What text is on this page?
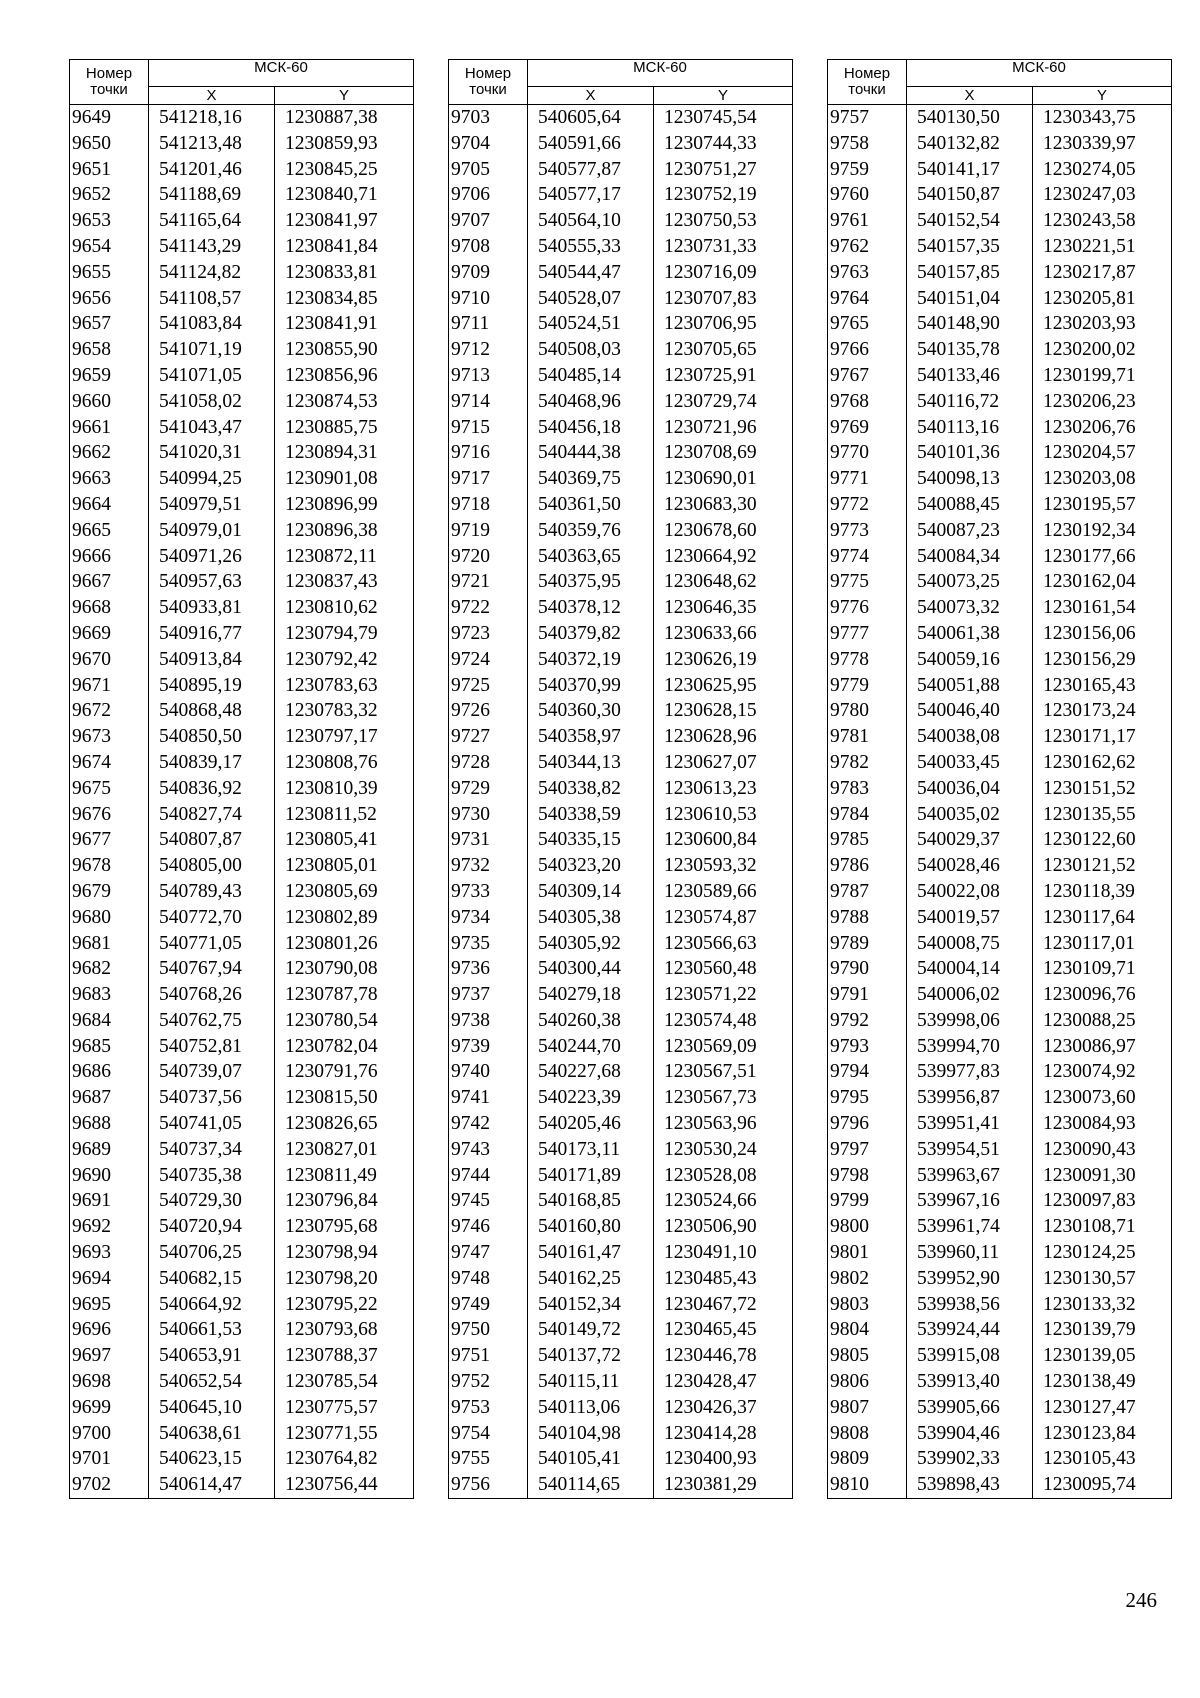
Номер точки	МСК-60	
	X	Y
9649	541218,16	1230887,38
9650	541213,48	1230859,93
9651	541201,46	1230845,25
9652	541188,69	1230840,71
9653	541165,64	1230841,97
9654	541143,29	1230841,84
9655	541124,82	1230833,81
9656	541108,57	1230834,85
9657	541083,84	1230841,91
9658	541071,19	1230855,90
9659	541071,05	1230856,96
9660	541058,02	1230874,53
9661	541043,47	1230885,75
9662	541020,31	1230894,31
9663	540994,25	1230901,08
9664	540979,51	1230896,99
9665	540979,01	1230896,38
9666	540971,26	1230872,11
9667	540957,63	1230837,43
9668	540933,81	1230810,62
9669	540916,77	1230794,79
9670	540913,84	1230792,42
9671	540895,19	1230783,63
9672	540868,48	1230783,32
9673	540850,50	1230797,17
9674	540839,17	1230808,76
9675	540836,92	1230810,39
9676	540827,74	1230811,52
9677	540807,87	1230805,41
9678	540805,00	1230805,01
9679	540789,43	1230805,69
9680	540772,70	1230802,89
9681	540771,05	1230801,26
9682	540767,94	1230790,08
9683	540768,26	1230787,78
9684	540762,75	1230780,54
9685	540752,81	1230782,04
9686	540739,07	1230791,76
9687	540737,56	1230815,50
9688	540741,05	1230826,65
9689	540737,34	1230827,01
9690	540735,38	1230811,49
9691	540729,30	1230796,84
9692	540720,94	1230795,68
9693	540706,25	1230798,94
9694	540682,15	1230798,20
9695	540664,92	1230795,22
9696	540661,53	1230793,68
9697	540653,91	1230788,37
9698	540652,54	1230785,54
9699	540645,10	1230775,57
9700	540638,61	1230771,55
9701	540623,15	1230764,82
9702	540614,47	1230756,44
Номер точки	МСК-60	
	X	Y
9703	540605,64	1230745,54
9704	540591,66	1230744,33
9705	540577,87	1230751,27
9706	540577,17	1230752,19
9707	540564,10	1230750,53
9708	540555,33	1230731,33
9709	540544,47	1230716,09
9710	540528,07	1230707,83
9711	540524,51	1230706,95
9712	540508,03	1230705,65
9713	540485,14	1230725,91
9714	540468,96	1230729,74
9715	540456,18	1230721,96
9716	540444,38	1230708,69
9717	540369,75	1230690,01
9718	540361,50	1230683,30
9719	540359,76	1230678,60
9720	540363,65	1230664,92
9721	540375,95	1230648,62
9722	540378,12	1230646,35
9723	540379,82	1230633,66
9724	540372,19	1230626,19
9725	540370,99	1230625,95
9726	540360,30	1230628,15
9727	540358,97	1230628,96
9728	540344,13	1230627,07
9729	540338,82	1230613,23
9730	540338,59	1230610,53
9731	540335,15	1230600,84
9732	540323,20	1230593,32
9733	540309,14	1230589,66
9734	540305,38	1230574,87
9735	540305,92	1230566,63
9736	540300,44	1230560,48
9737	540279,18	1230571,22
9738	540260,38	1230574,48
9739	540244,70	1230569,09
9740	540227,68	1230567,51
9741	540223,39	1230567,73
9742	540205,46	1230563,96
9743	540173,11	1230530,24
9744	540171,89	1230528,08
9745	540168,85	1230524,66
9746	540160,80	1230506,90
9747	540161,47	1230491,10
9748	540162,25	1230485,43
9749	540152,34	1230467,72
9750	540149,72	1230465,45
9751	540137,72	1230446,78
9752	540115,11	1230428,47
9753	540113,06	1230426,37
9754	540104,98	1230414,28
9755	540105,41	1230400,93
9756	540114,65	1230381,29
Номер точки	МСК-60	
	X	Y
9757	540130,50	1230343,75
9758	540132,82	1230339,97
9759	540141,17	1230274,05
9760	540150,87	1230247,03
9761	540152,54	1230243,58
9762	540157,35	1230221,51
9763	540157,85	1230217,87
9764	540151,04	1230205,81
9765	540148,90	1230203,93
9766	540135,78	1230200,02
9767	540133,46	1230199,71
9768	540116,72	1230206,23
9769	540113,16	1230206,76
9770	540101,36	1230204,57
9771	540098,13	1230203,08
9772	540088,45	1230195,57
9773	540087,23	1230192,34
9774	540084,34	1230177,66
9775	540073,25	1230162,04
9776	540073,32	1230161,54
9777	540061,38	1230156,06
9778	540059,16	1230156,29
9779	540051,88	1230165,43
9780	540046,40	1230173,24
9781	540038,08	1230171,17
9782	540033,45	1230162,62
9783	540036,04	1230151,52
9784	540035,02	1230135,55
9785	540029,37	1230122,60
9786	540028,46	1230121,52
9787	540022,08	1230118,39
9788	540019,57	1230117,64
9789	540008,75	1230117,01
9790	540004,14	1230109,71
9791	540006,02	1230096,76
9792	539998,06	1230088,25
9793	539994,70	1230086,97
9794	539977,83	1230074,92
9795	539956,87	1230073,60
9796	539951,41	1230084,93
9797	539954,51	1230090,43
9798	539963,67	1230091,30
9799	539967,16	1230097,83
9800	539961,74	1230108,71
9801	539960,11	1230124,25
9802	539952,90	1230130,57
9803	539938,56	1230133,32
9804	539924,44	1230139,79
9805	539915,08	1230139,05
9806	539913,40	1230138,49
9807	539905,66	1230127,47
9808	539904,46	1230123,84
9809	539902,33	1230105,43
9810	539898,43	1230095,74
246
